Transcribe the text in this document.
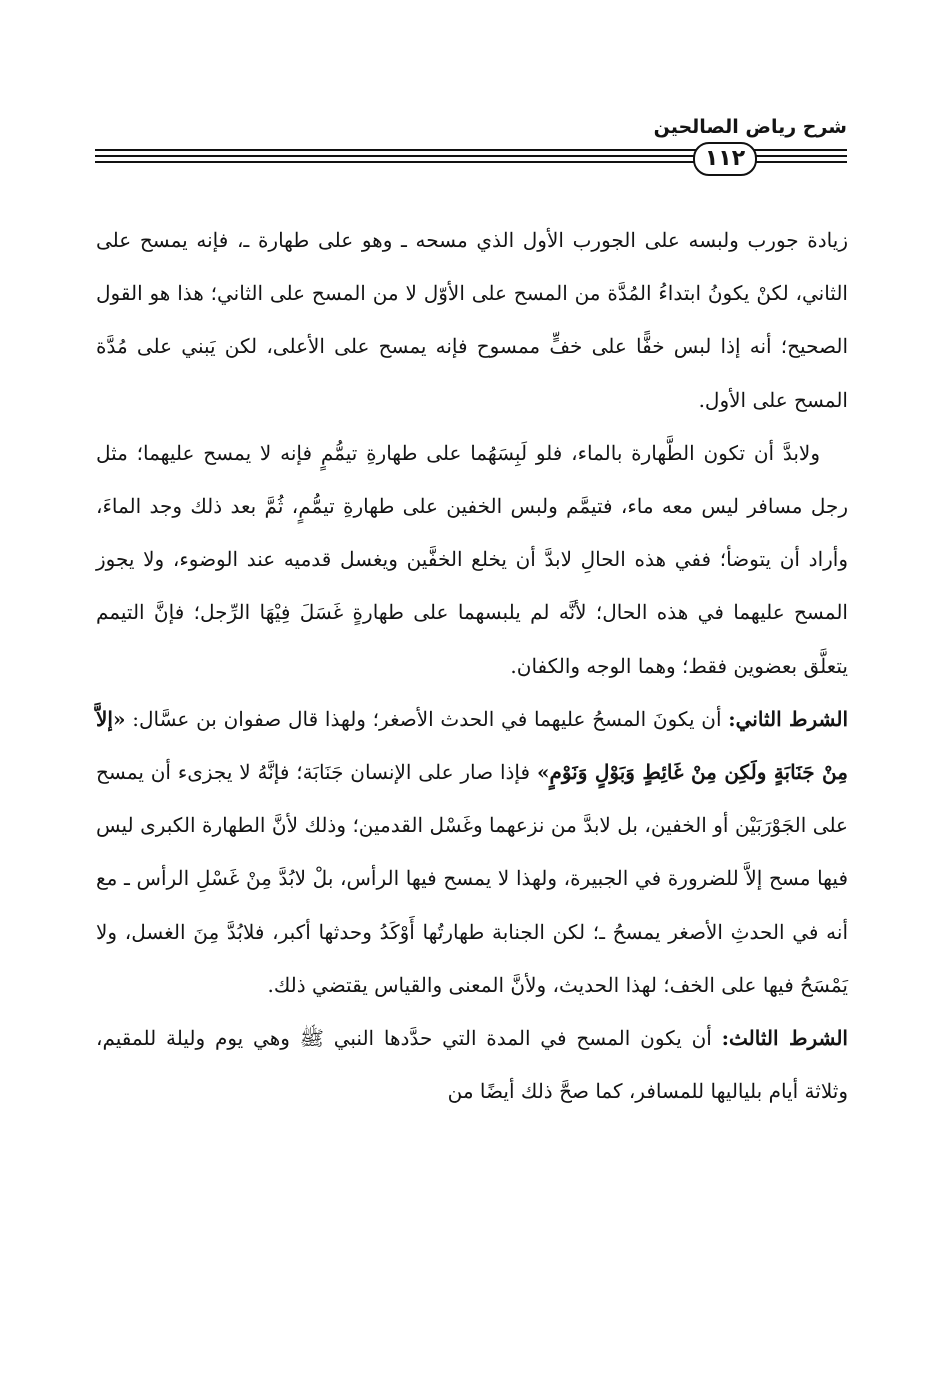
شرح رياض الصالحين
١١٢

زيادة جورب ولبسه على الجورب الأول الذي مسحه ـ وهو على طهارة ـ، فإنه يمسح على الثاني، لكنْ يكونُ ابتداءُ المُدَّة من المسح على الأوّل لا من المسح على الثاني؛ هذا هو القول الصحيح؛ أنه إذا لبس خفًّا على خفٍّ ممسوح فإنه يمسح على الأعلى، لكن يَبني على مُدَّة المسح على الأول.

ولابدَّ أن تكون الطَّهارة بالماء، فلو لَبِسَهُما على طهارةِ تيمُّمٍ فإنه لا يمسح عليهما؛ مثل رجل مسافر ليس معه ماء، فتيمَّم ولبس الخفين على طهارةِ تيمُّمٍ، ثُمَّ بعد ذلك وجد الماءَ، وأراد أن يتوضأ؛ ففي هذه الحالِ لابدَّ أن يخلع الخفَّين ويغسل قدميه عند الوضوء، ولا يجوز المسح عليهما في هذه الحال؛ لأنَّه لم يلبسهما على طهارةٍ غَسَلَ فِيْهَا الرِّجل؛ فإنَّ التيمم يتعلَّق بعضوين فقط؛ وهما الوجه والكفان.

الشرط الثاني: أن يكونَ المسحُ عليهما في الحدث الأصغر؛ ولهذا قال صفوان بن عسَّال: «إلاَّ مِنْ جَنَابَةٍ ولَكِن مِنْ غَائِطٍ وَبَوْلٍ وَنَوْمٍ» فإذا صار على الإنسان جَنَابَة؛ فإنَّهُ لا يجزىء أن يمسح على الجَوْرَبَيْن أو الخفين، بل لابدَّ من نزعهما وغَسْل القدمين؛ وذلك لأنَّ الطهارة الكبرى ليس فيها مسح إلاَّ للضرورة في الجبيرة، ولهذا لا يمسح فيها الرأس، بلْ لابُدَّ مِنْ غَسْلِ الرأس ـ مع أنه في الحدثِ الأصغر يمسحُ ـ؛ لكن الجنابة طهارتُها أَوْكَدُ وحدثها أكبر، فلابُدَّ مِنَ الغسل، ولا يَمْسَحُ فيها على الخف؛ لهذا الحديث، ولأنَّ المعنى والقياس يقتضي ذلك.

الشرط الثالث: أن يكون المسح في المدة التي حدَّدها النبي ﷺ وهي يوم وليلة للمقيم، وثلاثة أيام بلياليها للمسافر، كما صحَّ ذلك أيضًا من
